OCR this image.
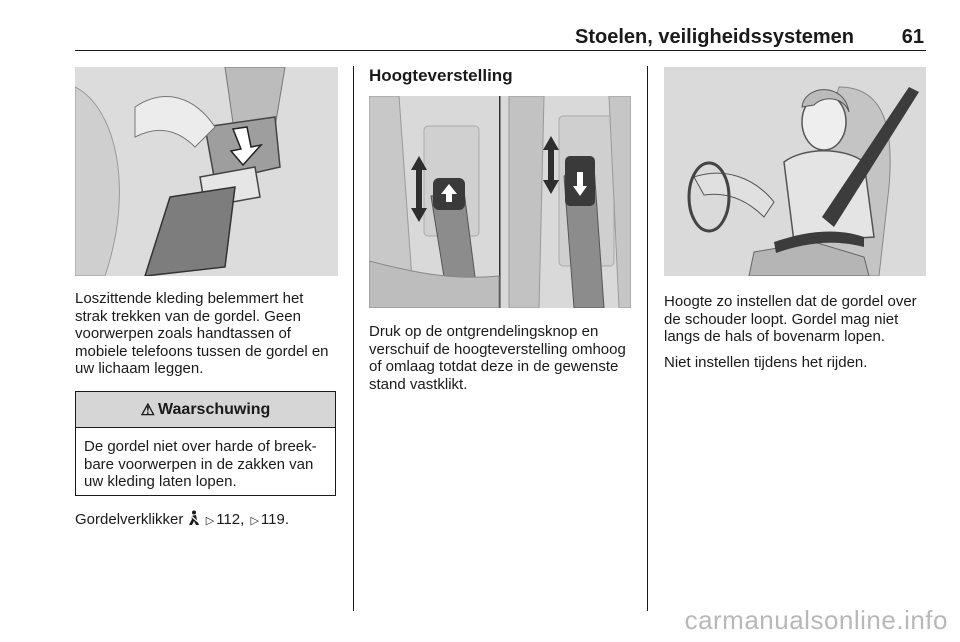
Stoelen, veiligheidssystemen 61

Loszittende kleding belemmert het strak trekken van de gordel. Geen voorwerpen zoals handtassen of mobiele telefoons tussen de gordel en uw lichaam leggen.

⚠ Waarschuwing
De gordel niet over harde of breekbare voorwerpen in de zakken van uw kleding laten lopen.
Gordelverklikker ▷ 112, ▷ 119.
Hoogteverstelling

Druk op de ontgrendelingsknop en verschuif de hoogteverstelling omhoog of omlaag totdat deze in de gewenste stand vastklikt.

Hoogte zo instellen dat de gordel over de schouder loopt. Gordel mag niet langs de hals of bovenarm lopen.

Niet instellen tijdens het rijden.

carmanualsonline.info
